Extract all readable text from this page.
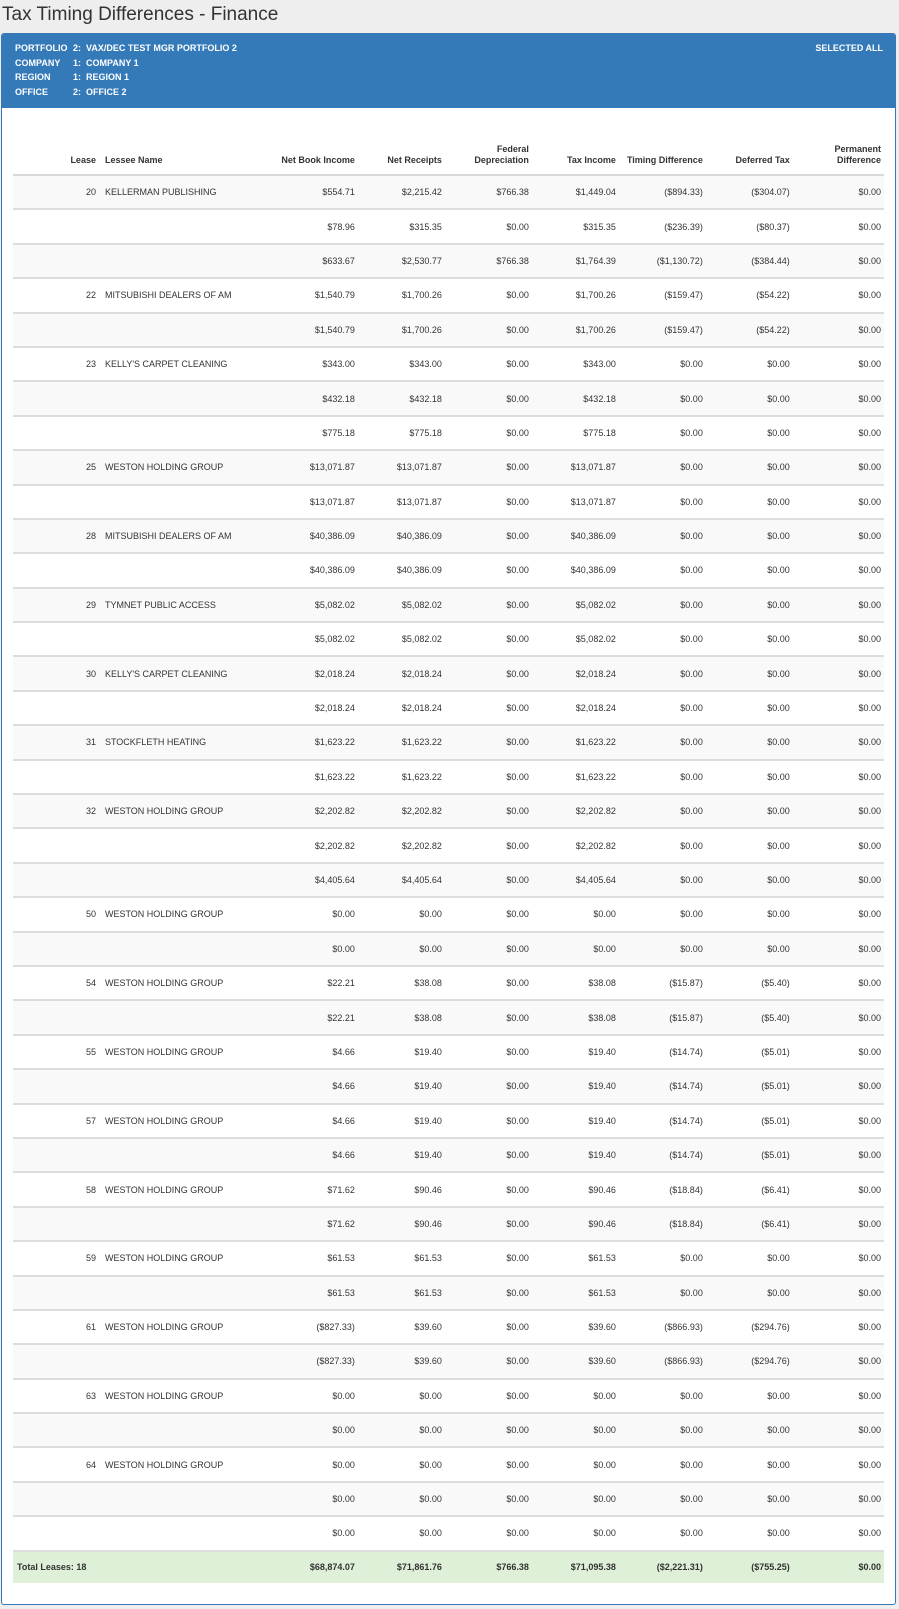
Tax Timing Differences - Finance
PORTFOLIO 2: VAX/DEC TEST MGR PORTFOLIO 2
COMPANY	1: COMPANY 1
REGION	1: REGION 1
OFFICE	2: OFFICE 2
SELECTED ALL
Lease	Lessee Name	Net Book Income	Net Receipts	Federal
Depreciation	Tax Income	Timing Difference	Deferred Tax	Permanent
Difference
20	KELLERMAN PUBLISHING	$554.71	$2,215.42	$766.38	$1,449.04	($894.33)	($304.07)	$0.00
		$78.96	$315.35	$0.00	$315.35	($236.39)	($80.37)	$0.00
		$633.67	$2,530.77	$766.38	$1,764.39	($1,130.72)	($384.44)	$0.00
22	MITSUBISHI DEALERS OF AM	$1,540.79	$1,700.26	$0.00	$1,700.26	($159.47)	($54.22)	$0.00
		$1,540.79	$1,700.26	$0.00	$1,700.26	($159.47)	($54.22)	$0.00
23	KELLY'S CARPET CLEANING	$343.00	$343.00	$0.00	$343.00	$0.00	$0.00	$0.00
		$432.18	$432.18	$0.00	$432.18	$0.00	$0.00	$0.00
		$775.18	$775.18	$0.00	$775.18	$0.00	$0.00	$0.00
25	WESTON HOLDING GROUP	$13,071.87	$13,071.87	$0.00	$13,071.87	$0.00	$0.00	$0.00
		$13,071.87	$13,071.87	$0.00	$13,071.87	$0.00	$0.00	$0.00
28	MITSUBISHI DEALERS OF AM	$40,386.09	$40,386.09	$0.00	$40,386.09	$0.00	$0.00	$0.00
		$40,386.09	$40,386.09	$0.00	$40,386.09	$0.00	$0.00	$0.00
29	TYMNET PUBLIC ACCESS	$5,082.02	$5,082.02	$0.00	$5,082.02	$0.00	$0.00	$0.00
		$5,082.02	$5,082.02	$0.00	$5,082.02	$0.00	$0.00	$0.00
30	KELLY'S CARPET CLEANING	$2,018.24	$2,018.24	$0.00	$2,018.24	$0.00	$0.00	$0.00
		$2,018.24	$2,018.24	$0.00	$2,018.24	$0.00	$0.00	$0.00
31	STOCKFLETH HEATING	$1,623.22	$1,623.22	$0.00	$1,623.22	$0.00	$0.00	$0.00
		$1,623.22	$1,623.22	$0.00	$1,623.22	$0.00	$0.00	$0.00
32	WESTON HOLDING GROUP	$2,202.82	$2,202.82	$0.00	$2,202.82	$0.00	$0.00	$0.00
		$2,202.82	$2,202.82	$0.00	$2,202.82	$0.00	$0.00	$0.00
		$4,405.64	$4,405.64	$0.00	$4,405.64	$0.00	$0.00	$0.00
50	WESTON HOLDING GROUP	$0.00	$0.00	$0.00	$0.00	$0.00	$0.00	$0.00
		$0.00	$0.00	$0.00	$0.00	$0.00	$0.00	$0.00
54	WESTON HOLDING GROUP	$22.21	$38.08	$0.00	$38.08	($15.87)	($5.40)	$0.00
		$22.21	$38.08	$0.00	$38.08	($15.87)	($5.40)	$0.00
55	WESTON HOLDING GROUP	$4.66	$19.40	$0.00	$19.40	($14.74)	($5.01)	$0.00
		$4.66	$19.40	$0.00	$19.40	($14.74)	($5.01)	$0.00
57	WESTON HOLDING GROUP	$4.66	$19.40	$0.00	$19.40	($14.74)	($5.01)	$0.00
		$4.66	$19.40	$0.00	$19.40	($14.74)	($5.01)	$0.00
58	WESTON HOLDING GROUP	$71.62	$90.46	$0.00	$90.46	($18.84)	($6.41)	$0.00
		$71.62	$90.46	$0.00	$90.46	($18.84)	($6.41)	$0.00
59	WESTON HOLDING GROUP	$61.53	$61.53	$0.00	$61.53	$0.00	$0.00	$0.00
		$61.53	$61.53	$0.00	$61.53	$0.00	$0.00	$0.00
61	WESTON HOLDING GROUP	($827.33)	$39.60	$0.00	$39.60	($866.93)	($294.76)	$0.00
		($827.33)	$39.60	$0.00	$39.60	($866.93)	($294.76)	$0.00
63	WESTON HOLDING GROUP	$0.00	$0.00	$0.00	$0.00	$0.00	$0.00	$0.00
		$0.00	$0.00	$0.00	$0.00	$0.00	$0.00	$0.00
64	WESTON HOLDING GROUP	$0.00	$0.00	$0.00	$0.00	$0.00	$0.00	$0.00
		$0.00	$0.00	$0.00	$0.00	$0.00	$0.00	$0.00
		$0.00	$0.00	$0.00	$0.00	$0.00	$0.00	$0.00
Total Leases: 18		$68,874.07	$71,861.76	$766.38	$71,095.38	($2,221.31)	($755.25)	$0.00
